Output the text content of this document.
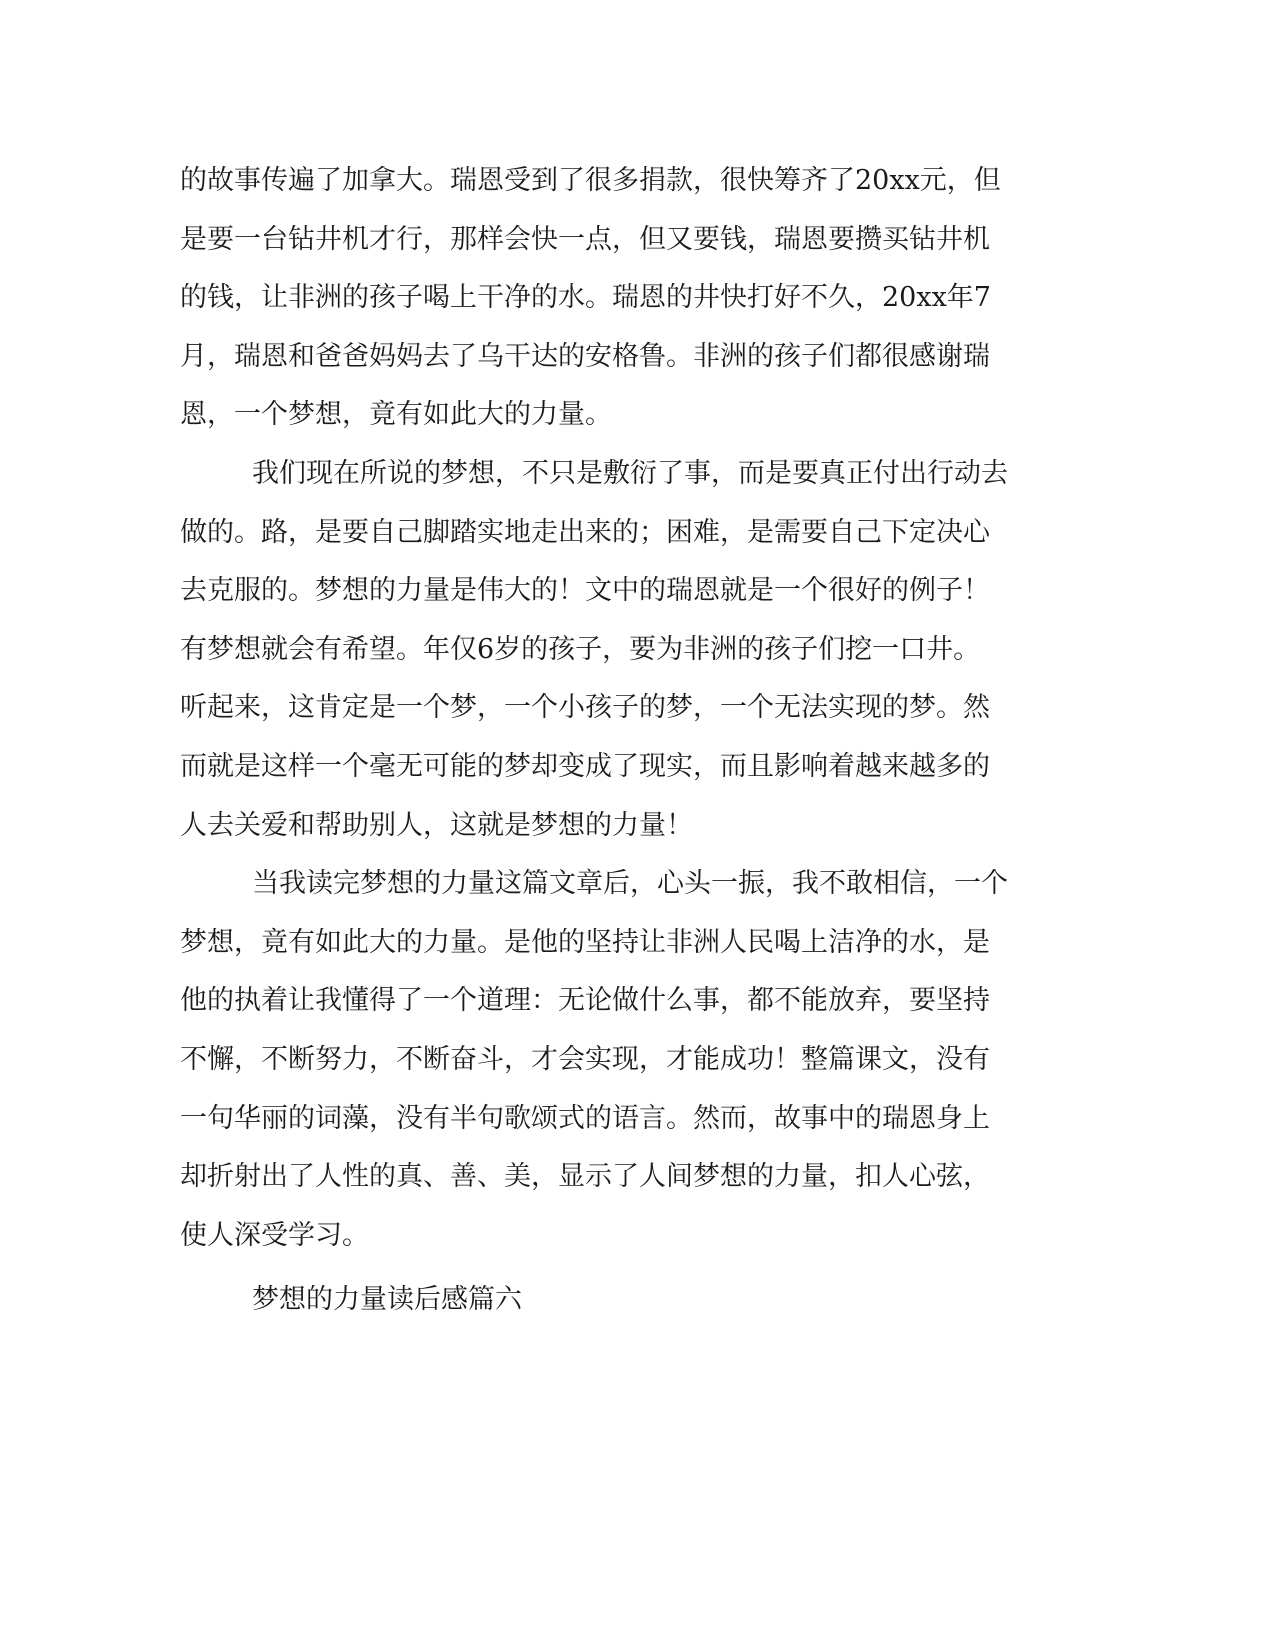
的故事传遍了加拿大。瑞恩受到了很多捐款，很快筹齐了20xx元，但
是要一台钻井机才行，那样会快一点，但又要钱，瑞恩要攒买钻井机
的钱，让非洲的孩子喝上干净的水。瑞恩的井快打好不久，20xx年7
月，瑞恩和爸爸妈妈去了乌干达的安格鲁。非洲的孩子们都很感谢瑞
恩，一个梦想，竟有如此大的力量。
我们现在所说的梦想，不只是敷衍了事，而是要真正付出行动去
做的。路，是要自己脚踏实地走出来的；困难，是需要自己下定决心
去克服的。梦想的力量是伟大的！文中的瑞恩就是一个很好的例子！
有梦想就会有希望。年仅6岁的孩子，要为非洲的孩子们挖一口井。
听起来，这肯定是一个梦，一个小孩子的梦，一个无法实现的梦。然
而就是这样一个毫无可能的梦却变成了现实，而且影响着越来越多的
人去关爱和帮助别人，这就是梦想的力量！
当我读完梦想的力量这篇文章后，心头一振，我不敢相信，一个
梦想，竟有如此大的力量。是他的坚持让非洲人民喝上洁净的水，是
他的执着让我懂得了一个道理：无论做什么事，都不能放弃，要坚持
不懈，不断努力，不断奋斗，才会实现，才能成功！整篇课文，没有
一句华丽的词藻，没有半句歌颂式的语言。然而，故事中的瑞恩身上
却折射出了人性的真、善、美，显示了人间梦想的力量，扣人心弦，
使人深受学习。
梦想的力量读后感篇六
